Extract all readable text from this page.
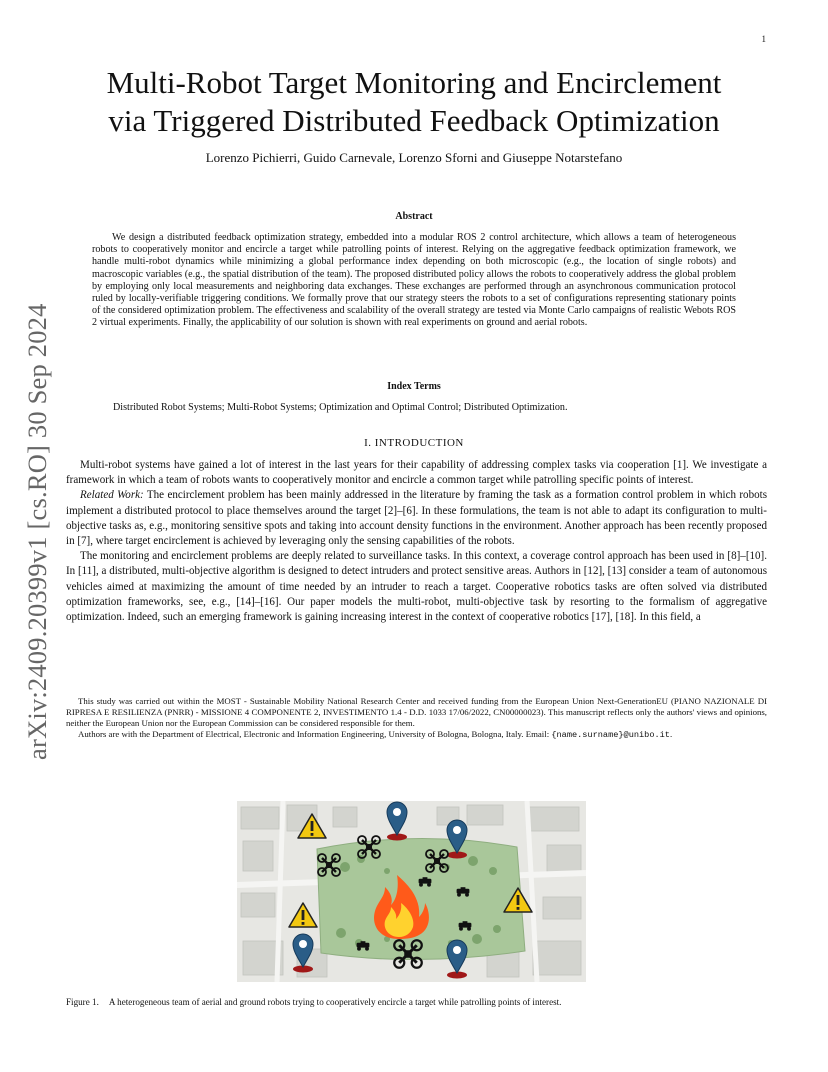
1
arXiv:2409.20399v1 [cs.RO] 30 Sep 2024
Multi-Robot Target Monitoring and Encirclement
via Triggered Distributed Feedback Optimization
Lorenzo Pichierri, Guido Carnevale, Lorenzo Sforni and Giuseppe Notarstefano
Abstract
We design a distributed feedback optimization strategy, embedded into a modular ROS 2 control architecture, which allows a team of heterogeneous robots to cooperatively monitor and encircle a target while patrolling points of interest. Relying on the aggregative feedback optimization framework, we handle multi-robot dynamics while minimizing a global performance index depending on both microscopic (e.g., the location of single robots) and macroscopic variables (e.g., the spatial distribution of the team). The proposed distributed policy allows the robots to cooperatively address the global problem by employing only local measurements and neighboring data exchanges. These exchanges are performed through an asynchronous communication protocol ruled by locally-verifiable triggering conditions. We formally prove that our strategy steers the robots to a set of configurations representing stationary points of the considered optimization problem. The effectiveness and scalability of the overall strategy are tested via Monte Carlo campaigns of realistic Webots ROS 2 virtual experiments. Finally, the applicability of our solution is shown with real experiments on ground and aerial robots.
Index Terms
Distributed Robot Systems; Multi-Robot Systems; Optimization and Optimal Control; Distributed Optimization.
I. INTRODUCTION

Multi-robot systems have gained a lot of interest in the last years for their capability of addressing complex tasks via cooperation [1]. We investigate a framework in which a team of robots wants to cooperatively monitor and encircle a common target while patrolling specific points of interest.

Related Work: The encirclement problem has been mainly addressed in the literature by framing the task as a formation control problem in which robots implement a distributed protocol to place themselves around the target [2]–[6]. In these formulations, the team is not able to adapt its configuration to multi-objective tasks as, e.g., monitoring sensitive spots and taking into account density functions in the environment. Another approach has been recently proposed in [7], where target encirclement is achieved by leveraging only the sensing capabilities of the robots.

The monitoring and encirclement problems are deeply related to surveillance tasks. In this context, a coverage control approach has been used in [8]–[10]. In [11], a distributed, multi-objective algorithm is designed to detect intruders and protect sensitive areas. Authors in [12], [13] consider a team of autonomous vehicles aimed at maximizing the amount of time needed by an intruder to reach a target. Cooperative robotics tasks are often solved via distributed optimization frameworks, see, e.g., [14]–[16]. Our paper models the multi-robot, multi-objective task by resorting to the formalism of aggregative optimization. Indeed, such an emerging framework is gaining increasing interest in the context of cooperative robotics [17], [18]. In this field, a

This study was carried out within the MOST - Sustainable Mobility National Research Center and received funding from the European Union Next-GenerationEU (PIANO NAZIONALE DI RIPRESA E RESILIENZA (PNRR) - MISSIONE 4 COMPONENTE 2, INVESTIMENTO 1.4 - D.D. 1033 17/06/2022, CN00000023). This manuscript reflects only the authors' views and opinions, neither the European Union nor the European Commission can be considered responsible for them.

Authors are with the Department of Electrical, Electronic and Information Engineering, University of Bologna, Bologna, Italy. Email: {name.surname}@unibo.it.

Figure 1. A heterogeneous team of aerial and ground robots trying to cooperatively encircle a target while patrolling points of interest.
